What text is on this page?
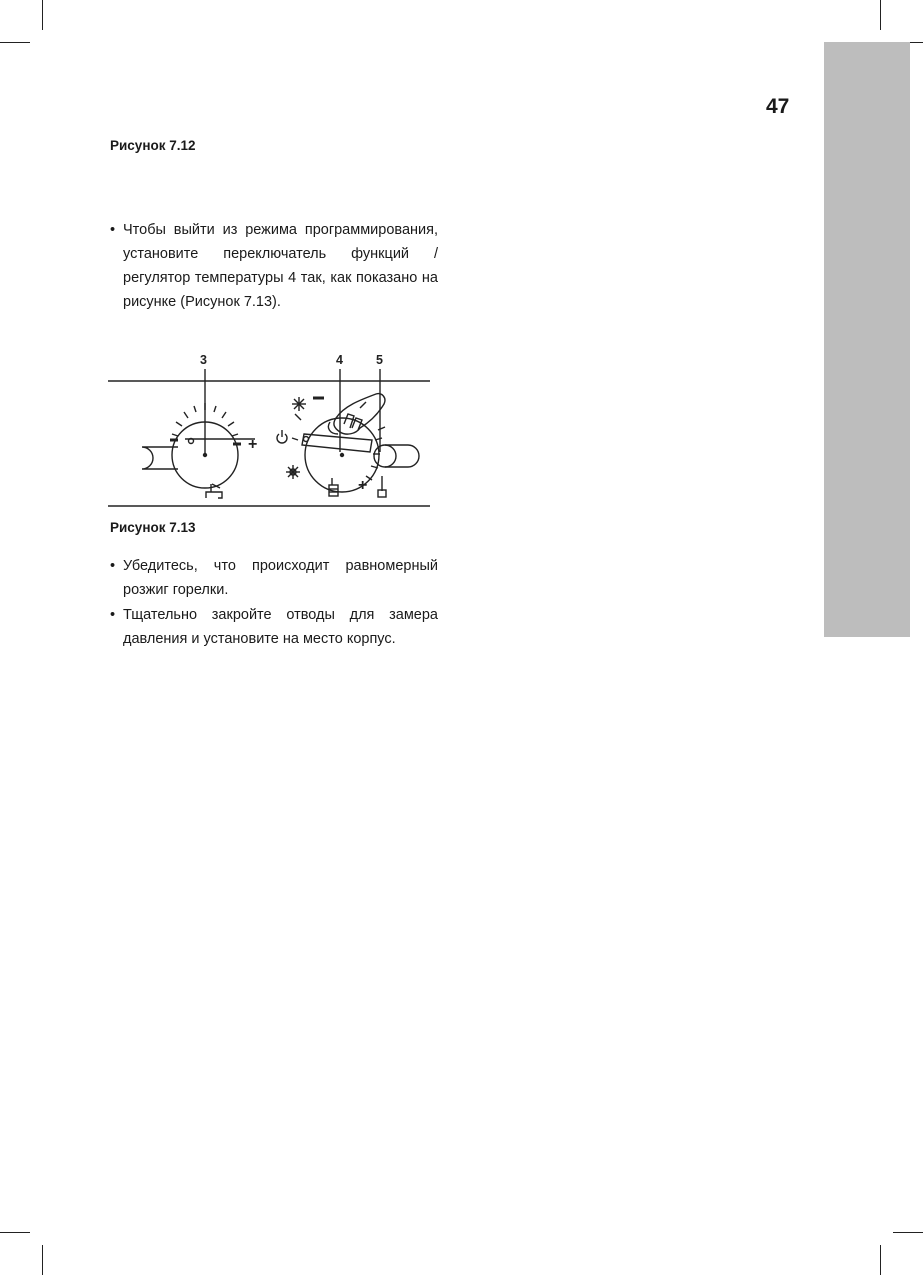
47
Рисунок 7.12
• Чтобы выйти из режима программирования, установите переключатель функций / регулятор температуры 4 так, как показано на рисунке (Рисунок 7.13).
+
+
3	4	5
Рисунок 7.13
• Убедитесь, что происходит равномерный розжиг горелки.
• Тщательно закройте отводы для замера давления и установите на место корпус.
